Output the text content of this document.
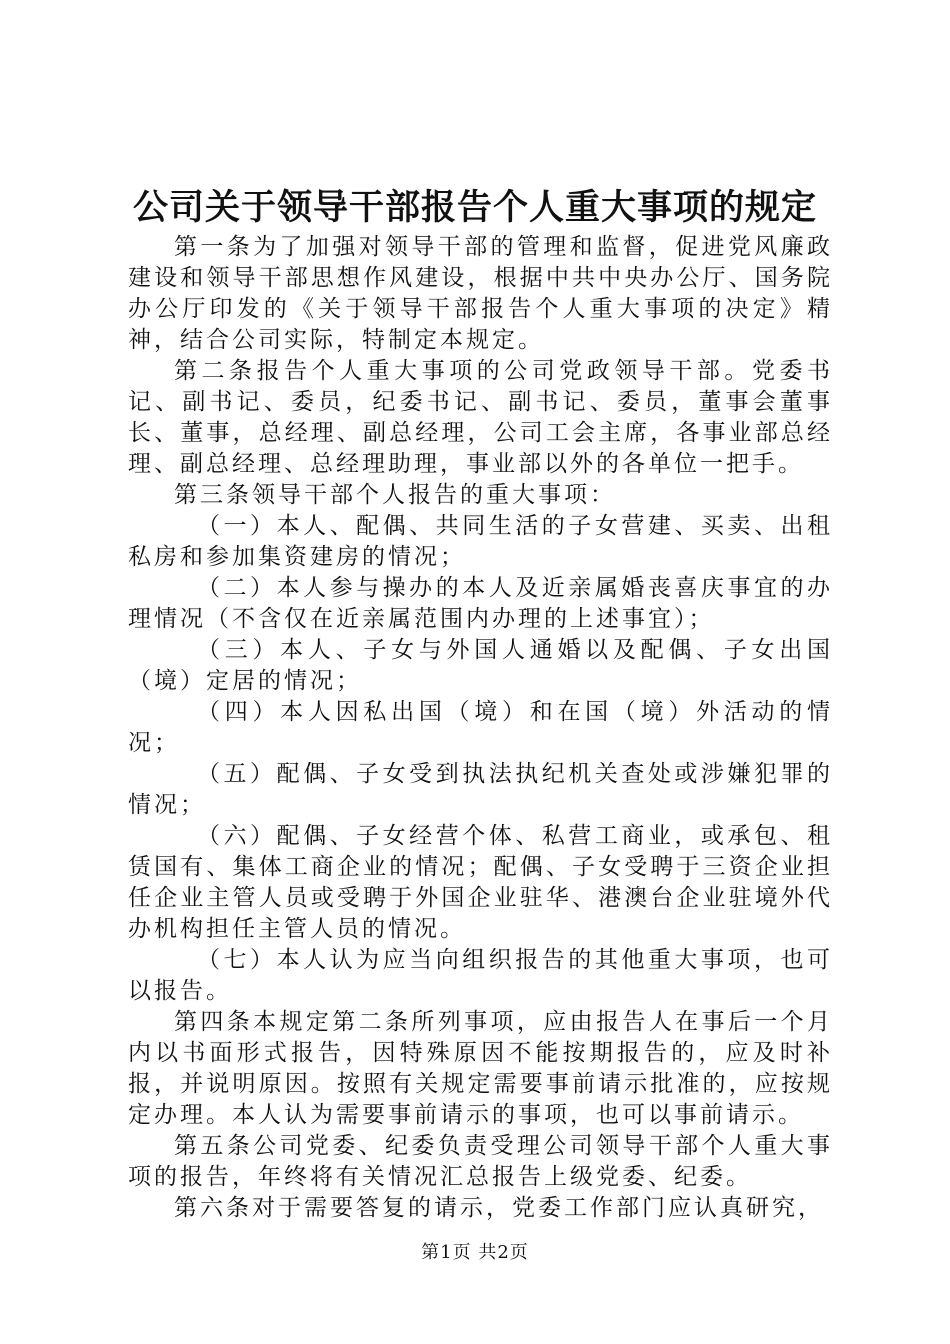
公司关于领导干部报告个人重大事项的规定

第一条为了加强对领导干部的管理和监督，促进党风廉政建设和领导干部思想作风建设，根据中共中央办公厅、国务院办公厅印发的《关于领导干部报告个人重大事项的决定》精神，结合公司实际，特制定本规定。

第二条报告个人重大事项的公司党政领导干部。党委书记、副书记、委员，纪委书记、副书记、委员，董事会董事长、董事，总经理、副总经理，公司工会主席，各事业部总经理、副总经理、总经理助理，事业部以外的各单位一把手。

第三条领导干部个人报告的重大事项：

（一）本人、配偶、共同生活的子女营建、买卖、出租私房和参加集资建房的情况；

（二）本人参与操办的本人及近亲属婚丧喜庆事宜的办理情况（不含仅在近亲属范围内办理的上述事宜）；

（三）本人、子女与外国人通婚以及配偶、子女出国（境）定居的情况；

（四）本人因私出国（境）和在国（境）外活动的情况；

（五）配偶、子女受到执法执纪机关查处或涉嫌犯罪的情况；

（六）配偶、子女经营个体、私营工商业，或承包、租赁国有、集体工商企业的情况；配偶、子女受聘于三资企业担任企业主管人员或受聘于外国企业驻华、港澳台企业驻境外代办机构担任主管人员的情况。

（七）本人认为应当向组织报告的其他重大事项，也可以报告。

第四条本规定第二条所列事项，应由报告人在事后一个月内以书面形式报告，因特殊原因不能按期报告的，应及时补报，并说明原因。按照有关规定需要事前请示批准的，应按规定办理。本人认为需要事前请示的事项，也可以事前请示。

第五条公司党委、纪委负责受理公司领导干部个人重大事项的报告，年终将有关情况汇总报告上级党委、纪委。

第六条对于需要答复的请示，党委工作部门应认真研究，

第1页 共2页
